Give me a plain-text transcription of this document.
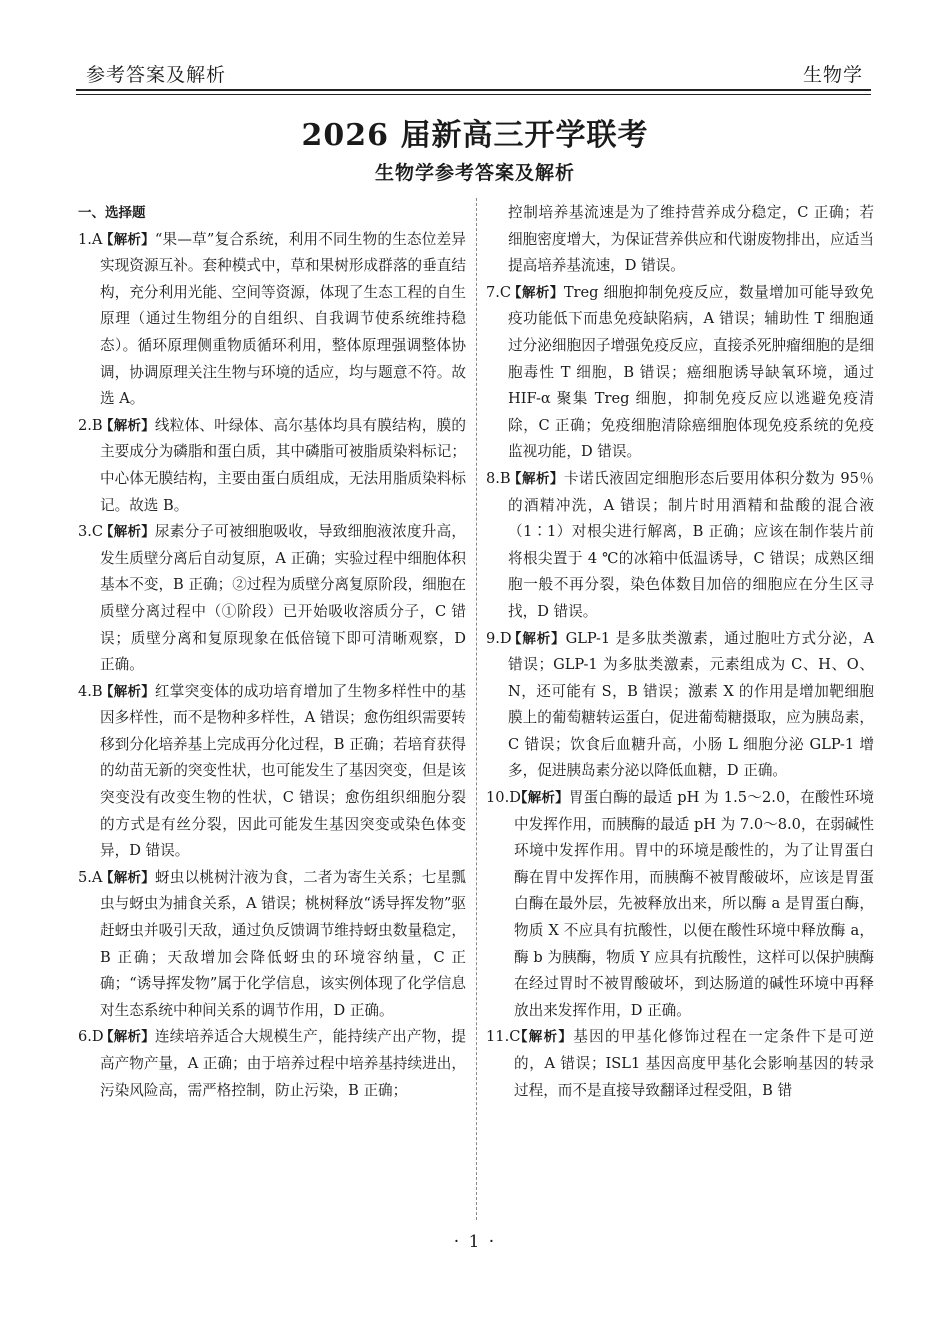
参考答案及解析	生物学
2026 届新高三开学联考
生物学参考答案及解析
一、选择题

1.A
【解析】“果—草”复合系统，利用不同生物的生态位差异实现资源互补。套种模式中，草和果树形成群落的垂直结构，充分利用光能、空间等资源，体现了生态工程的自生原理（通过生物组分的自组织、自我调节使系统维持稳态）。循环原理侧重物质循环利用，整体原理强调整体协调，协调原理关注生物与环境的适应，均与题意不符。故选 A。

2.B
【解析】线粒体、叶绿体、高尔基体均具有膜结构，膜的主要成分为磷脂和蛋白质，其中磷脂可被脂质染料标记；中心体无膜结构，主要由蛋白质组成，无法用脂质染料标记。故选 B。

3.C
【解析】尿素分子可被细胞吸收，导致细胞液浓度升高，发生质壁分离后自动复原，A 正确；实验过程中细胞体积基本不变，B 正确；②过程为质壁分离复原阶段，细胞在质壁分离过程中（①阶段）已开始吸收溶质分子，C 错误；质壁分离和复原现象在低倍镜下即可清晰观察，D 正确。

4.B
【解析】红掌突变体的成功培育增加了生物多样性中的基因多样性，而不是物种多样性，A 错误；愈伤组织需要转移到分化培养基上完成再分化过程，B 正确；若培育获得的幼苗无新的突变性状，也可能发生了基因突变，但是该突变没有改变生物的性状，C 错误；愈伤组织细胞分裂的方式是有丝分裂，因此可能发生基因突变或染色体变异，D 错误。

5.A
【解析】蚜虫以桃树汁液为食，二者为寄生关系；七星瓢虫与蚜虫为捕食关系，A 错误；桃树释放“诱导挥发物”驱赶蚜虫并吸引天敌，通过负反馈调节维持蚜虫数量稳定，B 正确；天敌增加会降低蚜虫的环境容纳量，C 正确；“诱导挥发物”属于化学信息，该实例体现了化学信息对生态系统中种间关系的调节作用，D 正确。

6.D
【解析】连续培养适合大规模生产，能持续产出产物，提高产物产量，A 正确；由于培养过程中培养基持续进出，污染风险高，需严格控制，防止污染，B 正确；

控制培养基流速是为了维持营养成分稳定，C 正确；若细胞密度增大，为保证营养供应和代谢废物排出，应适当提高培养基流速，D 错误。

7.C
【解析】Treg 细胞抑制免疫反应，数量增加可能导致免疫功能低下而患免疫缺陷病，A 错误；辅助性 T 细胞通过分泌细胞因子增强免疫反应，直接杀死肿瘤细胞的是细胞毒性 T 细胞，B 错误；癌细胞诱导缺氧环境，通过 HIF-α 聚集 Treg 细胞，抑制免疫反应以逃避免疫清除，C 正确；免疫细胞清除癌细胞体现免疫系统的免疫监视功能，D 错误。

8.B
【解析】卡诺氏液固定细胞形态后要用体积分数为 95％的酒精冲洗，A 错误；制片时用酒精和盐酸的混合液（1∶1）对根尖进行解离，B 正确；应该在制作装片前将根尖置于 4 ℃的冰箱中低温诱导，C 错误；成熟区细胞一般不再分裂，染色体数目加倍的细胞应在分生区寻找，D 错误。

9.D
【解析】GLP-1 是多肽类激素，通过胞吐方式分泌，A 错误；GLP-1 为多肽类激素，元素组成为 C、H、O、N，还可能有 S，B 错误；激素 X 的作用是增加靶细胞膜上的葡萄糖转运蛋白，促进葡萄糖摄取，应为胰岛素，C 错误；饮食后血糖升高，小肠 L 细胞分泌 GLP-1 增多，促进胰岛素分泌以降低血糖，D 正确。

10.D
【解析】胃蛋白酶的最适 pH 为 1.5～2.0，在酸性环境中发挥作用，而胰酶的最适 pH 为 7.0～8.0，在弱碱性环境中发挥作用。胃中的环境是酸性的，为了让胃蛋白酶在胃中发挥作用，而胰酶不被胃酸破坏，应该是胃蛋白酶在最外层，先被释放出来，所以酶 a 是胃蛋白酶，物质 X 不应具有抗酸性，以便在酸性环境中释放酶 a，酶 b 为胰酶，物质 Y 应具有抗酸性，这样可以保护胰酶在经过胃时不被胃酸破坏，到达肠道的碱性环境中再释放出来发挥作用，D 正确。

11.C
【解析】基因的甲基化修饰过程在一定条件下是可逆的，A 错误；ISL1 基因高度甲基化会影响基因的转录过程，而不是直接导致翻译过程受阻，B 错

· 1 ·
